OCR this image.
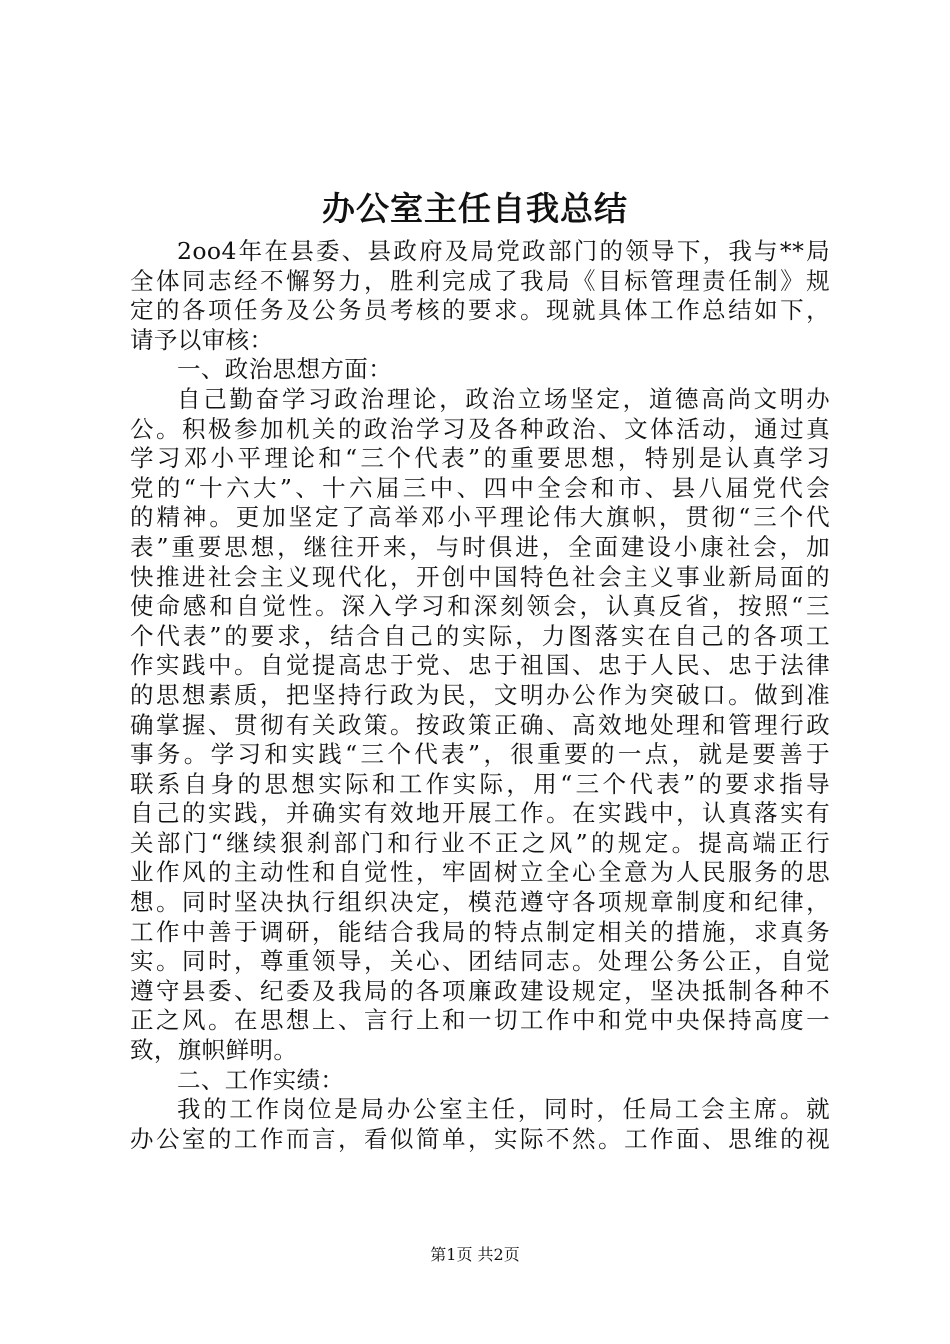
办公室主任自我总结
2oo4年在县委、县政府及局党政部门的领导下，我与**局
全体同志经不懈努力，胜利完成了我局《目标管理责任制》规
定的各项任务及公务员考核的要求。现就具体工作总结如下，
请予以审核：
一、政治思想方面：
自己勤奋学习政治理论，政治立场坚定，道德高尚文明办
公。积极参加机关的政治学习及各种政治、文体活动，通过真
学习邓小平理论和“三个代表”的重要思想，特别是认真学习
党的“十六大”、十六届三中、四中全会和市、县八届党代会
的精神。更加坚定了高举邓小平理论伟大旗帜，贯彻“三个代
表”重要思想，继往开来，与时俱进，全面建设小康社会，加
快推进社会主义现代化，开创中国特色社会主义事业新局面的
使命感和自觉性。深入学习和深刻领会，认真反省，按照“三
个代表”的要求，结合自己的实际，力图落实在自己的各项工
作实践中。自觉提高忠于党、忠于祖国、忠于人民、忠于法律
的思想素质，把坚持行政为民，文明办公作为突破口。做到准
确掌握、贯彻有关政策。按政策正确、高效地处理和管理行政
事务。学习和实践“三个代表”，很重要的一点，就是要善于
联系自身的思想实际和工作实际，用“三个代表”的要求指导
自己的实践，并确实有效地开展工作。在实践中，认真落实有
关部门“继续狠刹部门和行业不正之风”的规定。提高端正行
业作风的主动性和自觉性，牢固树立全心全意为人民服务的思
想。同时坚决执行组织决定，模范遵守各项规章制度和纪律，
工作中善于调研，能结合我局的特点制定相关的措施，求真务
实。同时，尊重领导，关心、团结同志。处理公务公正，自觉
遵守县委、纪委及我局的各项廉政建设规定，坚决抵制各种不
正之风。在思想上、言行上和一切工作中和党中央保持高度一
致，旗帜鲜明。
二、工作实绩：
我的工作岗位是局办公室主任，同时，任局工会主席。就
办公室的工作而言，看似简单，实际不然。工作面、思维的视
第1页 共2页
